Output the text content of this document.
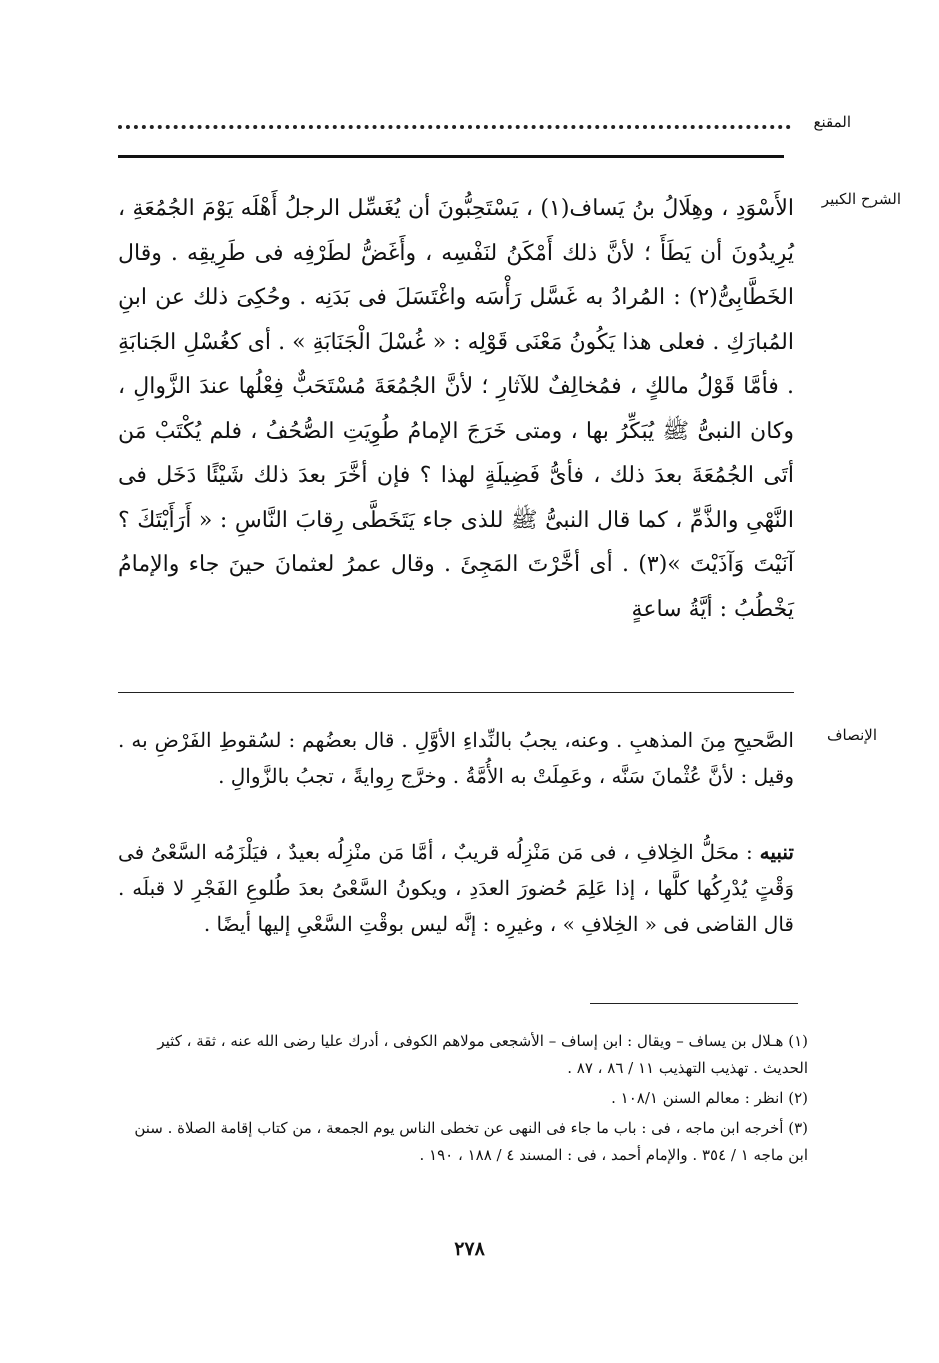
المقنع
الشرح الكبير
الأَسْوَدِ ، وهِلَالُ بنُ يَساف(١) ، يَسْتَحِبُّونَ أن يُغَسِّل الرجلُ أَهْلَه يَوْمَ الجُمُعَةِ ، يُرِيدُونَ أن يَطَأَ ؛ لأنَّ ذلك أَمْكَنُ لنَفْسِه ، وأَغَضُّ لطَرْفِه فى طَرِيقِه . وقال الخَطَّابِىُّ(٢) : المُرادُ به غَسَّل رَأْسَه واغْتَسَلَ فى بَدَنِه . وحُكِىَ ذلك عن ابنِ المُبارَكِ . فعلى هذا يَكُونُ مَعْنَى قَوْلِه : « غُسْلَ الْجَنَابَةِ » . أى كغُسْلِ الجَنابَةِ . فأمَّا قَوْلُ مالكٍ ، فمُخالِفٌ للآثارِ ؛ لأنَّ الجُمُعَةَ مُسْتَحَبٌّ فِعْلُها عندَ الزَّوالِ ، وكان النبىُّ ﷺ يُبَكِّرُ بها ، ومتى خَرَجَ الإمامُ طُوِيَتِ الصُّحُفُ ، فلم يُكْتَبْ مَن أتَى الجُمُعَةَ بعدَ ذلك ، فأىُّ فَضِيلَةٍ لهذا ؟ فإن أخَّرَ بعدَ ذلك شَيْئًا دَخَل فى النَّهْىِ والذَّمِّ ، كما قال النبىُّ ﷺ للذى جاء يَتَخَطَّى رِقابَ النَّاسِ : « أَرَأَيْتَكَ ؟ آنَيْتَ وَآذَيْتَ »(٣) . أى أخَّرْتَ المَجِئَ . وقال عمرُ لعثمانَ حينَ جاء والإمامُ يَخْطُبُ : أيَّةُ ساعةٍ
الإنصاف
الصَّحيحِ مِنَ المذهبِ . وعنه، يجبُ بالنِّداءِ الأوَّلِ . قال بعضُهم : لسُقوطِ الفَرْضِ به . وقيل : لأنَّ عُثْمانَ سَنَّه ، وعَمِلَتْ به الأُمَّةُ . وخرَّج رِوايةً ، تجبُ بالزَّوالِ .
تنبيه : محَلُّ الخِلافِ ، فى مَن مَنْزِلُه قريبٌ ، أمَّا مَن منْزِلُه بعيدٌ ، فيَلْزَمُه السَّعْىُ فى وَقْتٍ يُدْرِكُها كلَّها ، إذا عَلِمَ حُضورَ العدَدِ ، ويكونُ السَّعْىُ بعدَ طُلوعِ الفَجْرِ لا قبلَه . قال القاضى فى « الخِلافِ » ، وغيرِه : إنَّه ليس بوقْتِ السَّعْىِ إليها أيضًا .

(١) هـلال بن يساف – ويقال : ابن إساف – الأشجعى مولاهم الكوفى ، أدرك عليا رضى الله عنه ، ثقة ، كثير الحديث . تهذيب التهذيب ١١ / ٨٦ ، ٨٧ .

(٢) انظر : معالم السنن ١٠٨/١ .

(٣) أخرجه ابن ماجه ، فى : باب ما جاء فى النهى عن تخطى الناس يوم الجمعة ، من كتاب إقامة الصلاة . سنن ابن ماجه ١ / ٣٥٤ . والإمام أحمد ، فى : المسند ٤ / ١٨٨ ، ١٩٠ .

٢٧٨
